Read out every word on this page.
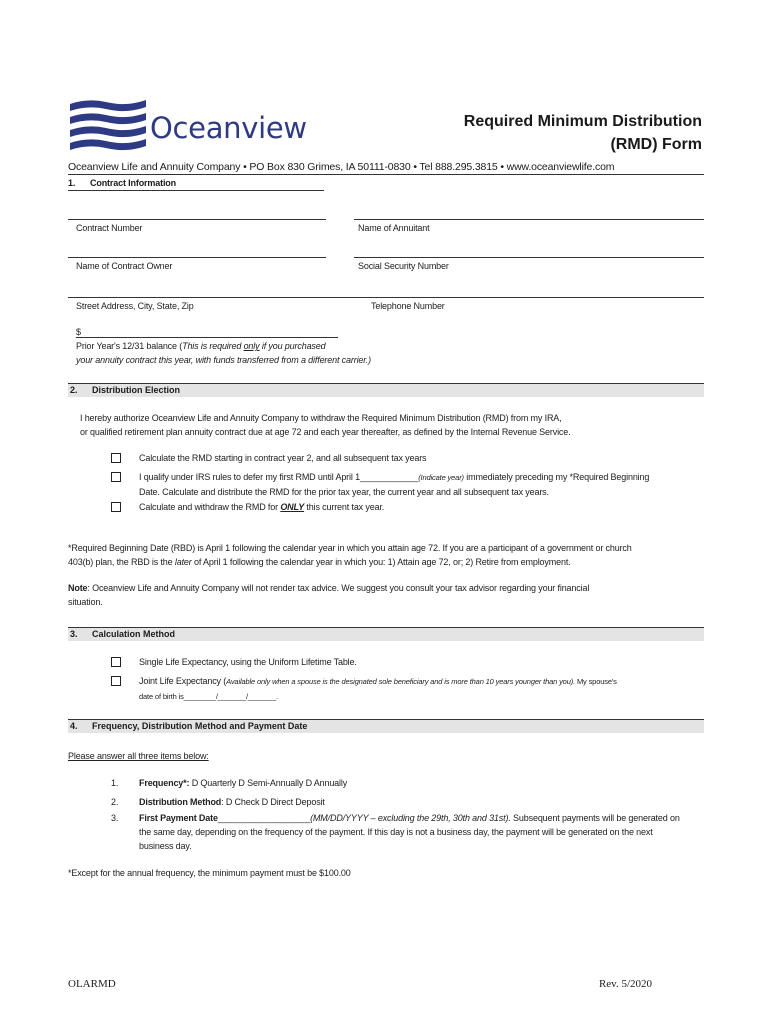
Oceanview	Required Minimum Distribution
(RMD) Form
Oceanview Life and Annuity Company • PO Box 830 Grimes, IA 50111-0830 • Tel 888.295.3815 • www.oceanviewlife.com
1. Contract Information
Contract Number	Name of Annuitant
Name of Contract Owner	Social Security Number
Street Address, City, State, Zip	Telephone Number
$
Prior Year's 12/31 balance (This is required only if you purchased
your annuity contract this year, with funds transferred from a different carrier.)
2. Distribution Election
I hereby authorize Oceanview Life and Annuity Company to withdraw the Required Minimum Distribution (RMD) from my IRA,
or qualified retirement plan annuity contract due at age 72 and each year thereafter, as defined by the Internal Revenue Service.
Calculate the RMD starting in contract year 2, and all subsequent tax years
I qualify under IRS rules to defer my first RMD until April 1____________(Indicate year) immediately preceding my *Required Beginning
Date. Calculate and distribute the RMD for the prior tax year, the current year and all subsequent tax years.
Calculate and withdraw the RMD for ONLY this current tax year.
*Required Beginning Date (RBD) is April 1 following the calendar year in which you attain age 72. If you are a participant of a government or church
403(b) plan, the RBD is the later of April 1 following the calendar year in which you: 1) Attain age 72, or; 2) Retire from employment.
Note: Oceanview Life and Annuity Company will not render tax advice. We suggest you consult your tax advisor regarding your financial
situation.
3. Calculation Method
Single Life Expectancy, using the Uniform Lifetime Table.
Joint Life Expectancy (Available only when a spouse is the designated sole beneficiary and is more than 10 years younger than you). My spouse's
date of birth is________/_______/_______.
4. Frequency, Distribution Method and Payment Date
Please answer all three items below:
1. Frequency*: D Quarterly D Semi-Annually D Annually
2. Distribution Method: D Check D Direct Deposit
3. First Payment Date___________________(MM/DD/YYYY – excluding the 29th, 30th and 31st). Subsequent payments will be generated on
the same day, depending on the frequency of the payment. If this day is not a business day, the payment will be generated on the next
business day.
*Except for the annual frequency, the minimum payment must be $100.00
OLARMD	Rev. 5/2020
